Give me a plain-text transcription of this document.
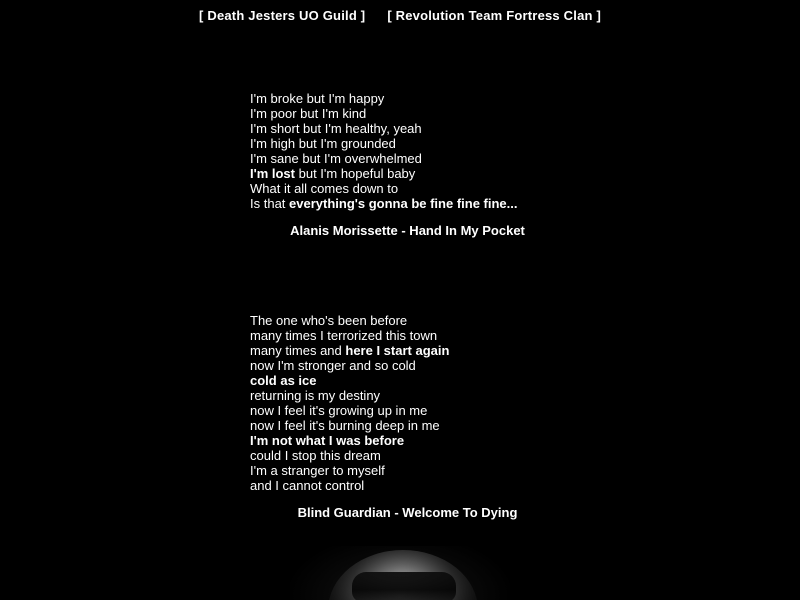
[ Death Jesters UO Guild ] [ Revolution Team Fortress Clan ]
I'm broke but I'm happy
I'm poor but I'm kind
I'm short but I'm healthy, yeah
I'm high but I'm grounded
I'm sane but I'm overwhelmed
I'm lost but I'm hopeful baby
What it all comes down to
Is that everything's gonna be fine fine fine...
Alanis Morissette - Hand In My Pocket
The one who's been before
many times I terrorized this town
many times and here I start again
now I'm stronger and so cold
cold as ice
returning is my destiny
now I feel it's growing up in me
now I feel it's burning deep in me
I'm not what I was before
could I stop this dream
I'm a stranger to myself
and I cannot control
Blind Guardian - Welcome To Dying
